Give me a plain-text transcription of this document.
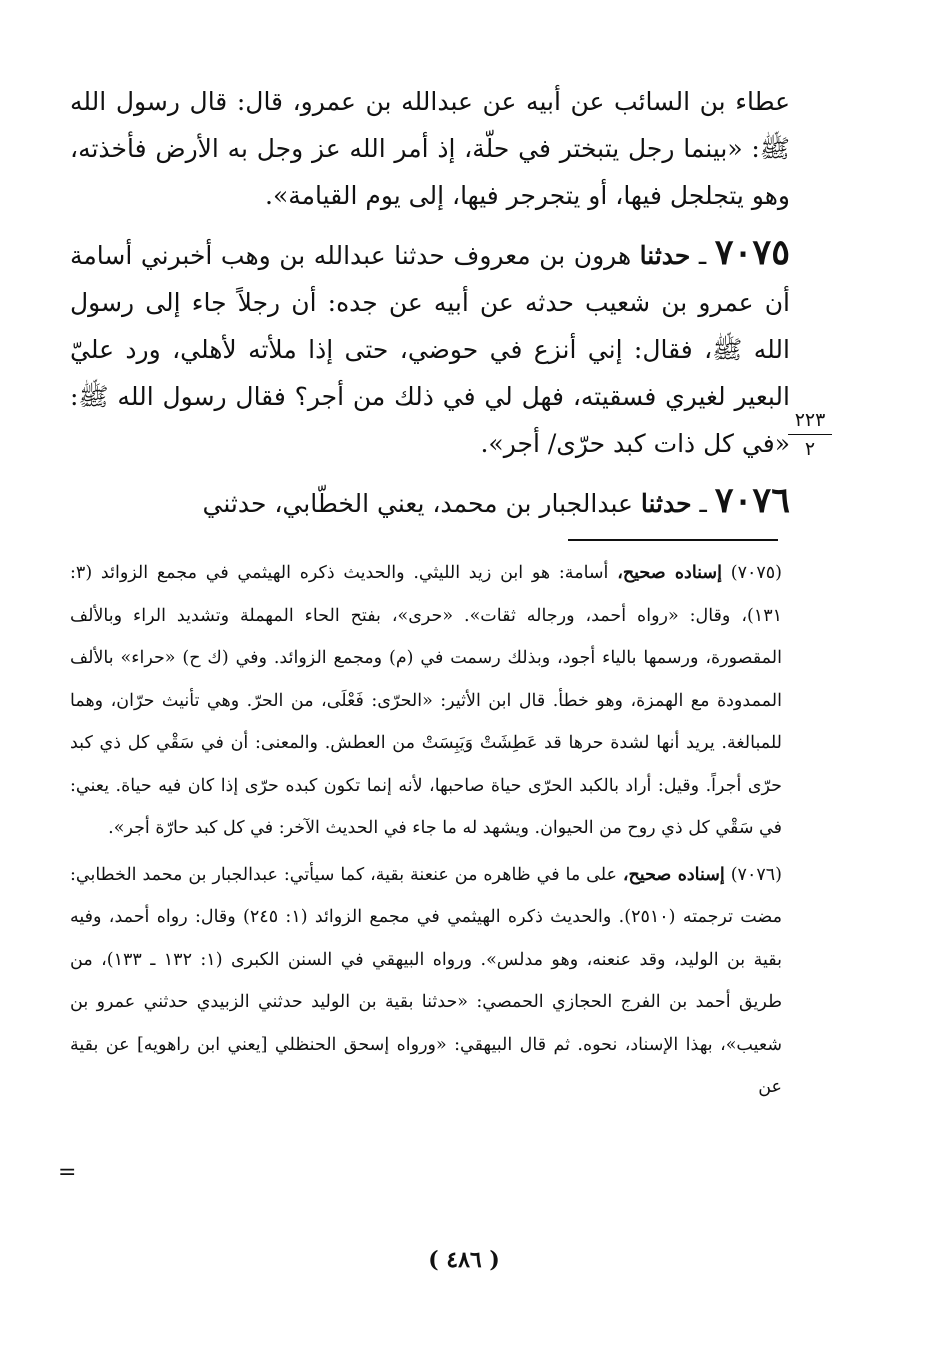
عطاء بن السائب عن أبيه عن عبدالله بن عمرو، قال: قال رسول الله ﷺ: «بينما رجل يتبختر في حلّة، إذ أمر الله عز وجل به الأرض فأخذته، وهو يتجلجل فيها، أو يتجرجر فيها، إلى يوم القيامة».

٧٠٧٥ ـ حدثنا هرون بن معروف حدثنا عبدالله بن وهب أخبرني أسامة أن عمرو بن شعيب حدثه عن أبيه عن جده: أن رجلاً جاء إلى رسول الله ﷺ، فقال: إني أنزع في حوضي، حتى إذا ملأته لأهلي، ورد عليّ البعير لغيري فسقيته، فهل لي في ذلك من أجر؟ فقال رسول الله ﷺ: «في كل ذات كبد حرّى/ أجر».

٧٠٧٦ ـ حدثنا عبدالجبار بن محمد، يعني الخطّابي، حدثني

٢٢٣
٢

(٧٠٧٥) إسناده صحيح، أسامة: هو ابن زيد الليثي. والحديث ذكره الهيثمي في مجمع الزوائد (٣: ١٣١)، وقال: «رواه أحمد، ورجاله ثقات». «حرى»، بفتح الحاء المهملة وتشديد الراء وبالألف المقصورة، ورسمها بالياء أجود، وبذلك رسمت في (م) ومجمع الزوائد. وفي (ك ح) «حراء» بالألف الممدودة مع الهمزة، وهو خطأ. قال ابن الأثير: «الحرّى: فَعْلَى، من الحرّ. وهي تأنيث حرّان، وهما للمبالغة. يريد أنها لشدة حرها قد عَطِشَتْ وَيَبِسَتْ من العطش. والمعنى: أن في سَقْي كل ذي كبد حرّى أجراً. وقيل: أراد بالكبد الحرّى حياة صاحبها، لأنه إنما تكون كبده حرّى إذا كان فيه حياة. يعني: في سَقْي كل ذي روح من الحيوان. ويشهد له ما جاء في الحديث الآخر: في كل كبد حارّة أجر».

(٧٠٧٦) إسناده صحيح، على ما في ظاهره من عنعنة بقية، كما سيأتي: عبدالجبار بن محمد الخطابي: مضت ترجمته (٢٥١٠). والحديث ذكره الهيثمي في مجمع الزوائد (١: ٢٤٥) وقال: رواه أحمد، وفيه بقية بن الوليد، وقد عنعنه، وهو مدلس». ورواه البيهقي في السنن الكبرى (١: ١٣٢ ـ ١٣٣)، من طريق أحمد بن الفرج الحجازي الحمصي: «حدثنا بقية بن الوليد حدثني الزبيدي حدثني عمرو بن شعيب»، بهذا الإسناد، نحوه. ثم قال البيهقي: «ورواه إسحق الحنظلي [يعني ابن راهويه] عن بقية عن

=
( ٤٨٦ )
